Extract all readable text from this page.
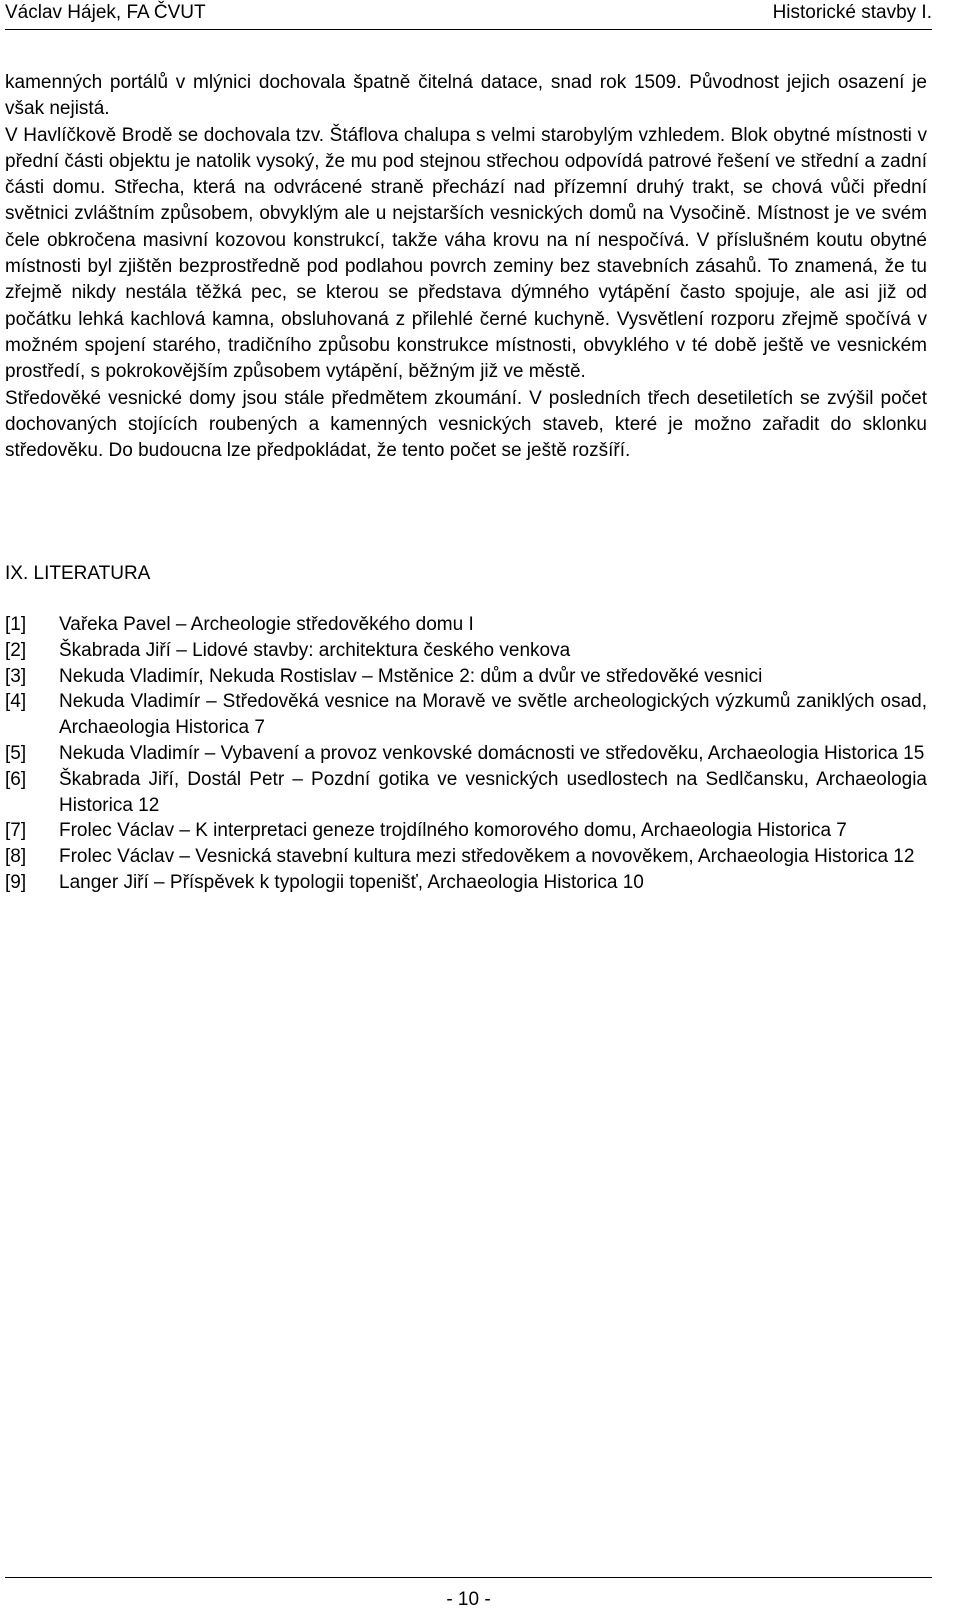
Václav Hájek, FA ČVUT	Historické stavby I.

kamenných portálů v mlýnici dochovala špatně čitelná datace, snad rok 1509. Původnost jejich osazení je však nejistá.

V Havlíčkově Brodě se dochovala tzv. Štáflova chalupa s velmi starobylým vzhledem. Blok obytné místnosti v přední části objektu je natolik vysoký, že mu pod stejnou střechou odpovídá patrové řešení ve střední a zadní části domu. Střecha, která na odvrácené straně přechází nad přízemní druhý trakt, se chová vůči přední světnici zvláštním způsobem, obvyklým ale u nejstarších vesnických domů na Vysočině. Místnost je ve svém čele obkročena masivní kozovou konstrukcí, takže váha krovu na ní nespočívá. V příslušném koutu obytné místnosti byl zjištěn bezprostředně pod podlahou povrch zeminy bez stavebních zásahů. To znamená, že tu zřejmě nikdy nestála těžká pec, se kterou se představa dýmného vytápění často spojuje, ale asi již od počátku lehká kachlová kamna, obsluhovaná z přilehlé černé kuchyně. Vysvětlení rozporu zřejmě spočívá v možném spojení starého, tradičního způsobu konstrukce místnosti, obvyklého v té době ještě ve vesnickém prostředí, s pokrokovějším způsobem vytápění, běžným již ve městě.

Středověké vesnické domy jsou stále předmětem zkoumání. V posledních třech desetiletích se zvýšil počet dochovaných stojících roubených a kamenných vesnických staveb, které je možno zařadit do sklonku středověku. Do budoucna lze předpokládat, že tento počet se ještě rozšíří.

IX. LITERATURA

[1] Vařeka Pavel – Archeologie středověkého domu I

[2] Škabrada Jiří – Lidové stavby: architektura českého venkova

[3] Nekuda Vladimír, Nekuda Rostislav – Mstěnice 2: dům a dvůr ve středověké vesnici

[4] Nekuda Vladimír – Středověká vesnice na Moravě ve světle archeologických výzkumů zaniklých osad, Archaeologia Historica 7

[5] Nekuda Vladimír – Vybavení a provoz venkovské domácnosti ve středověku, Archaeologia Historica 15

[6] Škabrada Jiří, Dostál Petr – Pozdní gotika ve vesnických usedlostech na Sedlčansku, Archaeologia Historica 12

[7] Frolec Václav – K interpretaci geneze trojdílného komorového domu, Archaeologia Historica 7

[8] Frolec Václav – Vesnická stavební kultura mezi středověkem a novověkem, Archaeologia Historica 12

[9] Langer Jiří – Příspěvek k typologii topenišť, Archaeologia Historica 10

- 10 -
